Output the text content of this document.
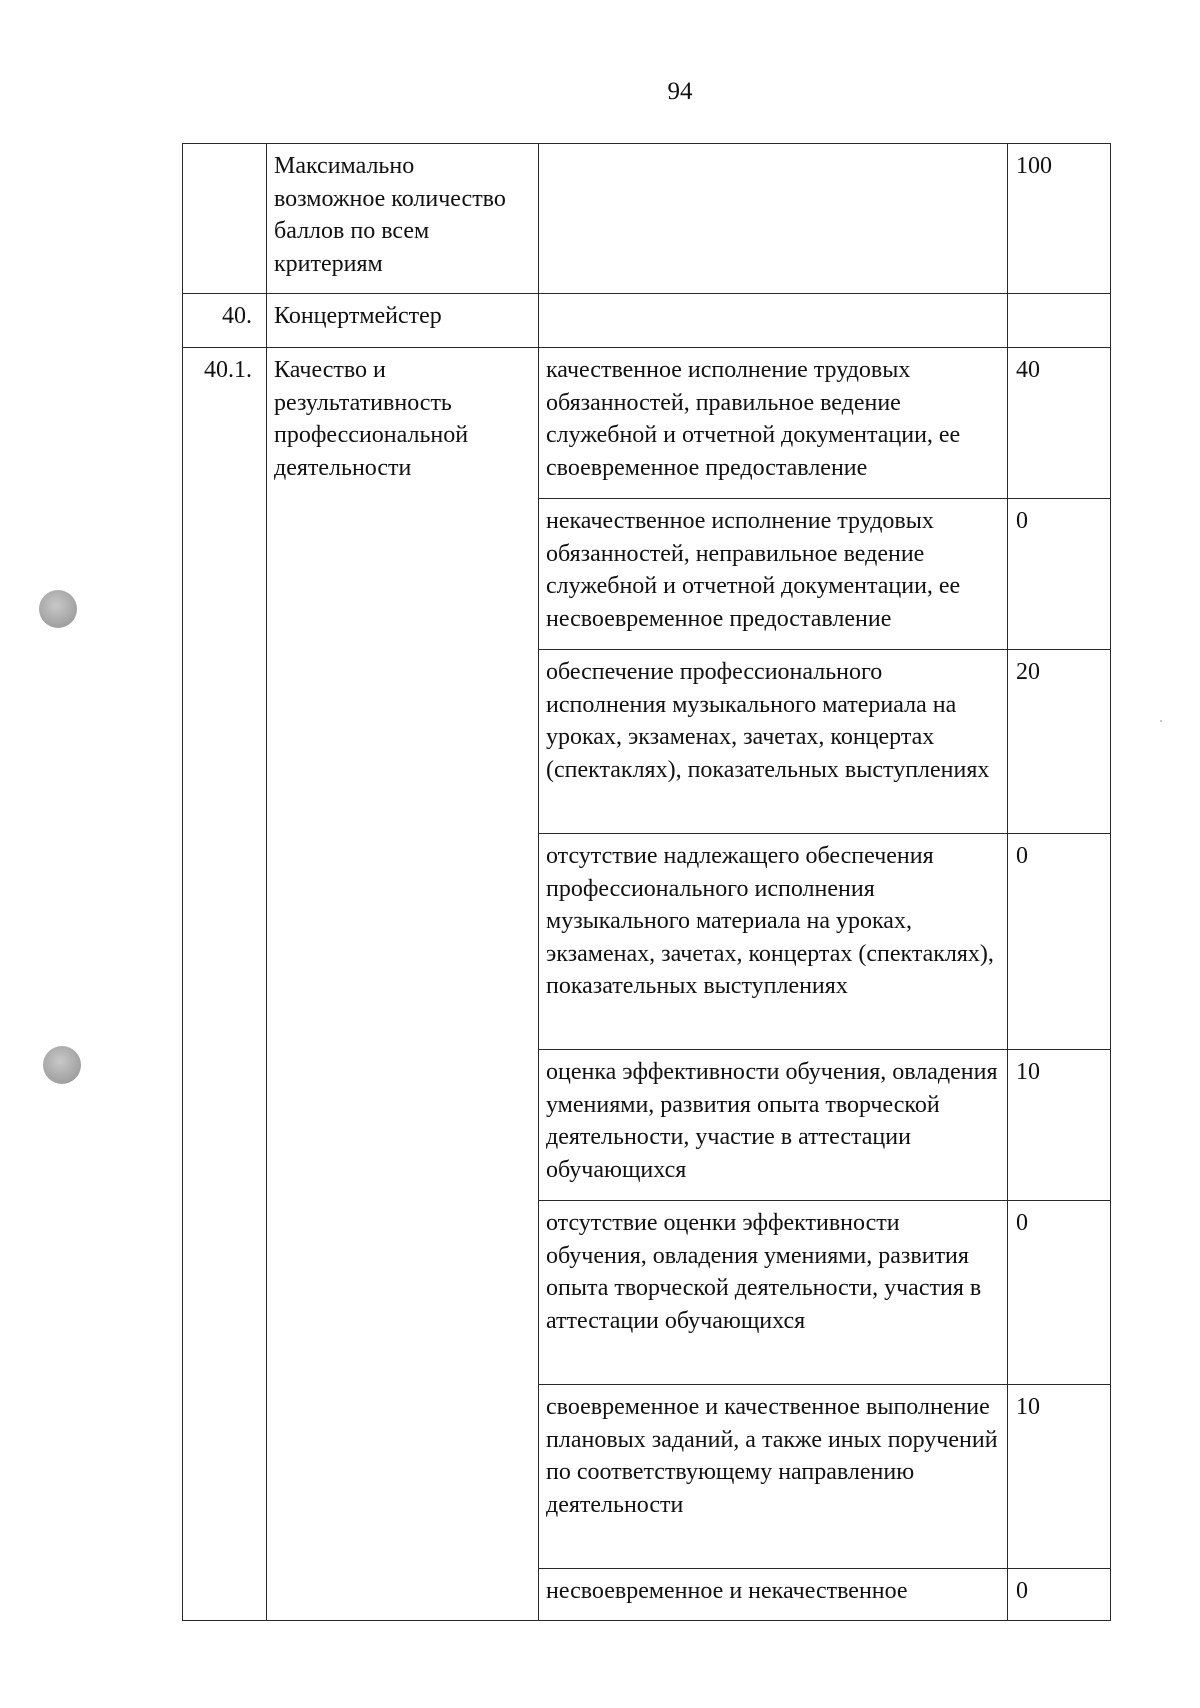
94
	Максимально возможное количество баллов по всем критериям		100
40.	Концертмейстер		
40.1.	Качество и результативность профессиональной деятельности	качественное исполнение трудовых обязанностей, правильное ведение служебной и отчетной документации, ее своевременное предоставление	40
		некачественное исполнение трудовых обязанностей, неправильное ведение служебной и отчетной документации, ее несвоевременное предоставление	0
		обеспечение профессионального исполнения музыкального материала на уроках, экзаменах, зачетах, концертах (спектаклях), показательных выступлениях	20
		отсутствие надлежащего обеспечения профессионального исполнения музыкального материала на уроках, экзаменах, зачетах, концертах (спектаклях), показательных выступлениях	0
		оценка эффективности обучения, овладения умениями, развития опыта творческой деятельности, участие в аттестации обучающихся	10
		отсутствие оценки эффективности обучения, овладения умениями, развития опыта творческой деятельности, участия в аттестации обучающихся	0
		своевременное и качественное выполнение плановых заданий, а также иных поручений по соответствующему направлению деятельности	10
		несвоевременное и некачественное	0
